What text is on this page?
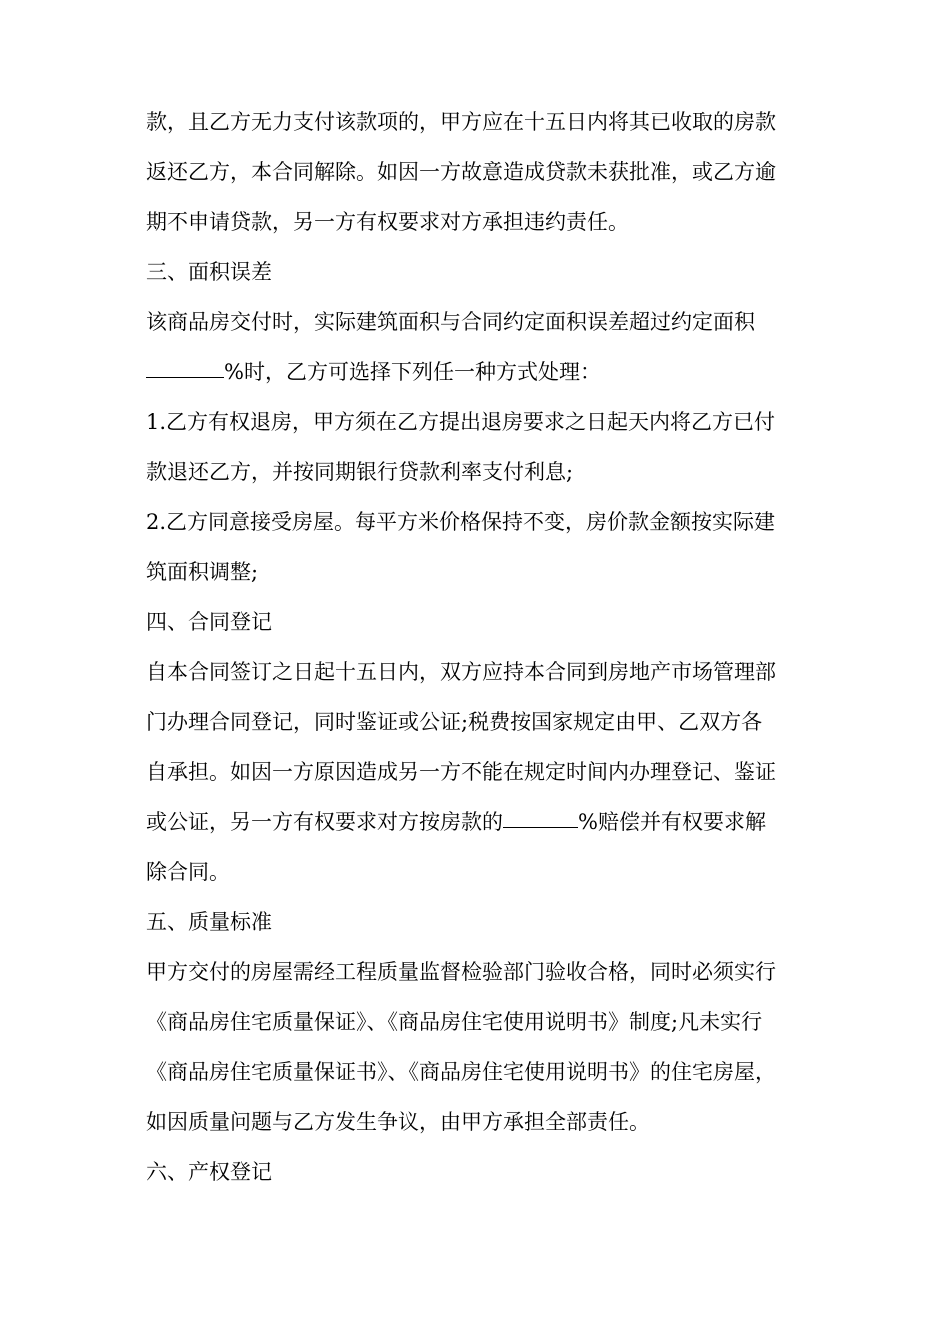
款，且乙方无力支付该款项的，甲方应在十五日内将其已收取的房款
返还乙方，本合同解除。如因一方故意造成贷款未获批准，或乙方逾
期不申请贷款，另一方有权要求对方承担违约责任。
三、面积误差
该商品房交付时，实际建筑面积与合同约定面积误差超过约定面积
%时，乙方可选择下列任一种方式处理：
1.乙方有权退房，甲方须在乙方提出退房要求之日起天内将乙方已付
款退还乙方，并按同期银行贷款利率支付利息;
2.乙方同意接受房屋。每平方米价格保持不变，房价款金额按实际建
筑面积调整;
四、合同登记
自本合同签订之日起十五日内，双方应持本合同到房地产市场管理部
门办理合同登记，同时鉴证或公证;税费按国家规定由甲、乙双方各
自承担。如因一方原因造成另一方不能在规定时间内办理登记、鉴证
或公证，另一方有权要求对方按房款的	%赔偿并有权要求解
除合同。
五、质量标准
甲方交付的房屋需经工程质量监督检验部门验收合格，同时必须实行
《商品房住宅质量保证》、《商品房住宅使用说明书》制度;凡未实行
《商品房住宅质量保证书》、《商品房住宅使用说明书》的住宅房屋，
如因质量问题与乙方发生争议，由甲方承担全部责任。
六、产权登记
